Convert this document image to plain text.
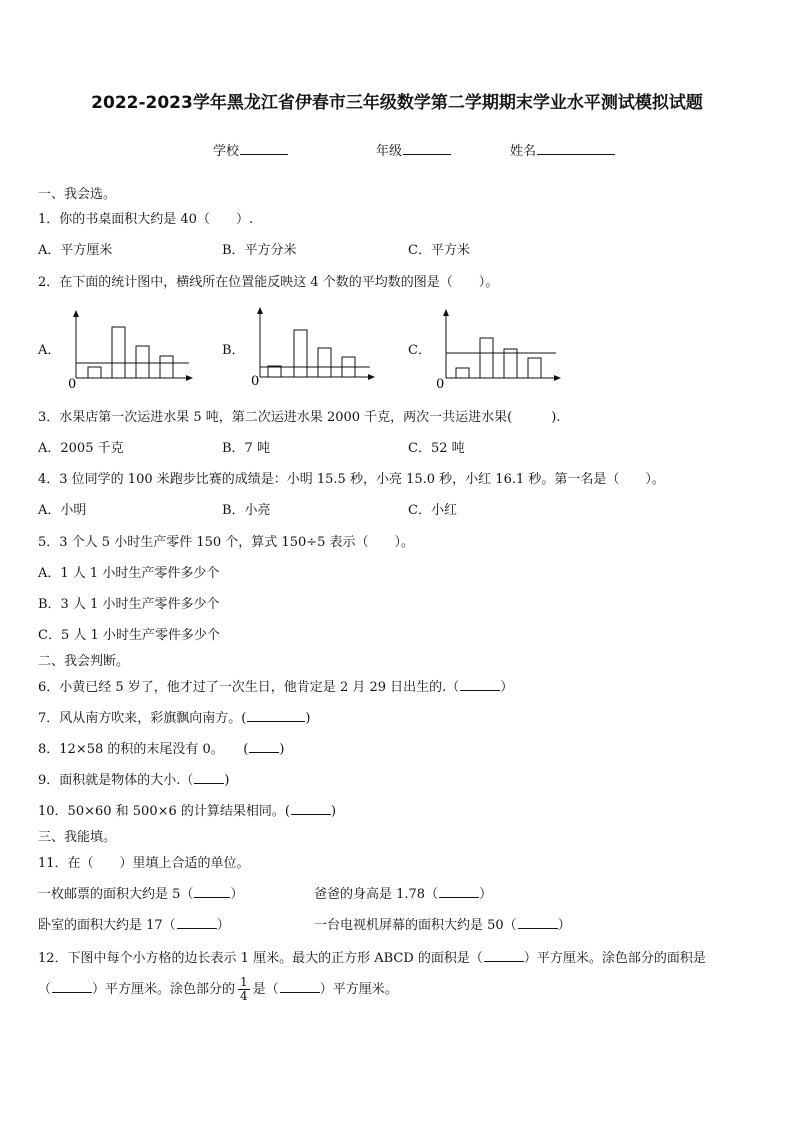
2022-2023学年黑龙江省伊春市三年级数学第二学期期末学业水平测试模拟试题
学校	年级	姓名
一、我会选。
1．你的书桌面积大约是 40（　　）.
A．平方厘米	B．平方分米	C．平方米
2．在下面的统计图中，横线所在位置能反映这 4 个数的平均数的图是（　　）。
A．
0
B．
0
C．
0
3．水果店第一次运进水果 5 吨，第二次运进水果 2000 千克，两次一共运进水果(　　　).
A．2005 千克	B．7 吨	C．52 吨
4．3 位同学的 100 米跑步比赛的成绩是：小明 15.5 秒，小亮 15.0 秒，小红 16.1 秒。第一名是（　　）。
A．小明	B．小亮	C．小红
5．3 个人 5 小时生产零件 150 个，算式 150÷5 表示（　　）。
A．1 人 1 小时生产零件多少个
B．3 人 1 小时生产零件多少个
C．5 人 1 小时生产零件多少个
二、我会判断。
6．小黄已经 5 岁了，他才过了一次生日，他肯定是 2 月 29 日出生的.（	）
7．风从南方吹来，彩旗飘向南方。(	)
8．12×58 的积的末尾没有 0。　　( )
9．面积就是物体的大小.（ )
10．50×60 和 500×6 的计算结果相同。(	)
三、我能填。
11．在（　　）里填上合适的单位。
一枚邮票的面积大约是 5（	）	爸爸的身高是 1.78（	）
卧室的面积大约是 17（	）	一台电视机屏幕的面积大约是 50（	）
12．下图中每个小方格的边长表示 1 厘米。最大的正方形 ABCD 的面积是（	）平方厘米。涂色部分的面积是
（	）平方厘米。涂色部分的 $\frac{1}{4}$ 是（	）平方厘米。
